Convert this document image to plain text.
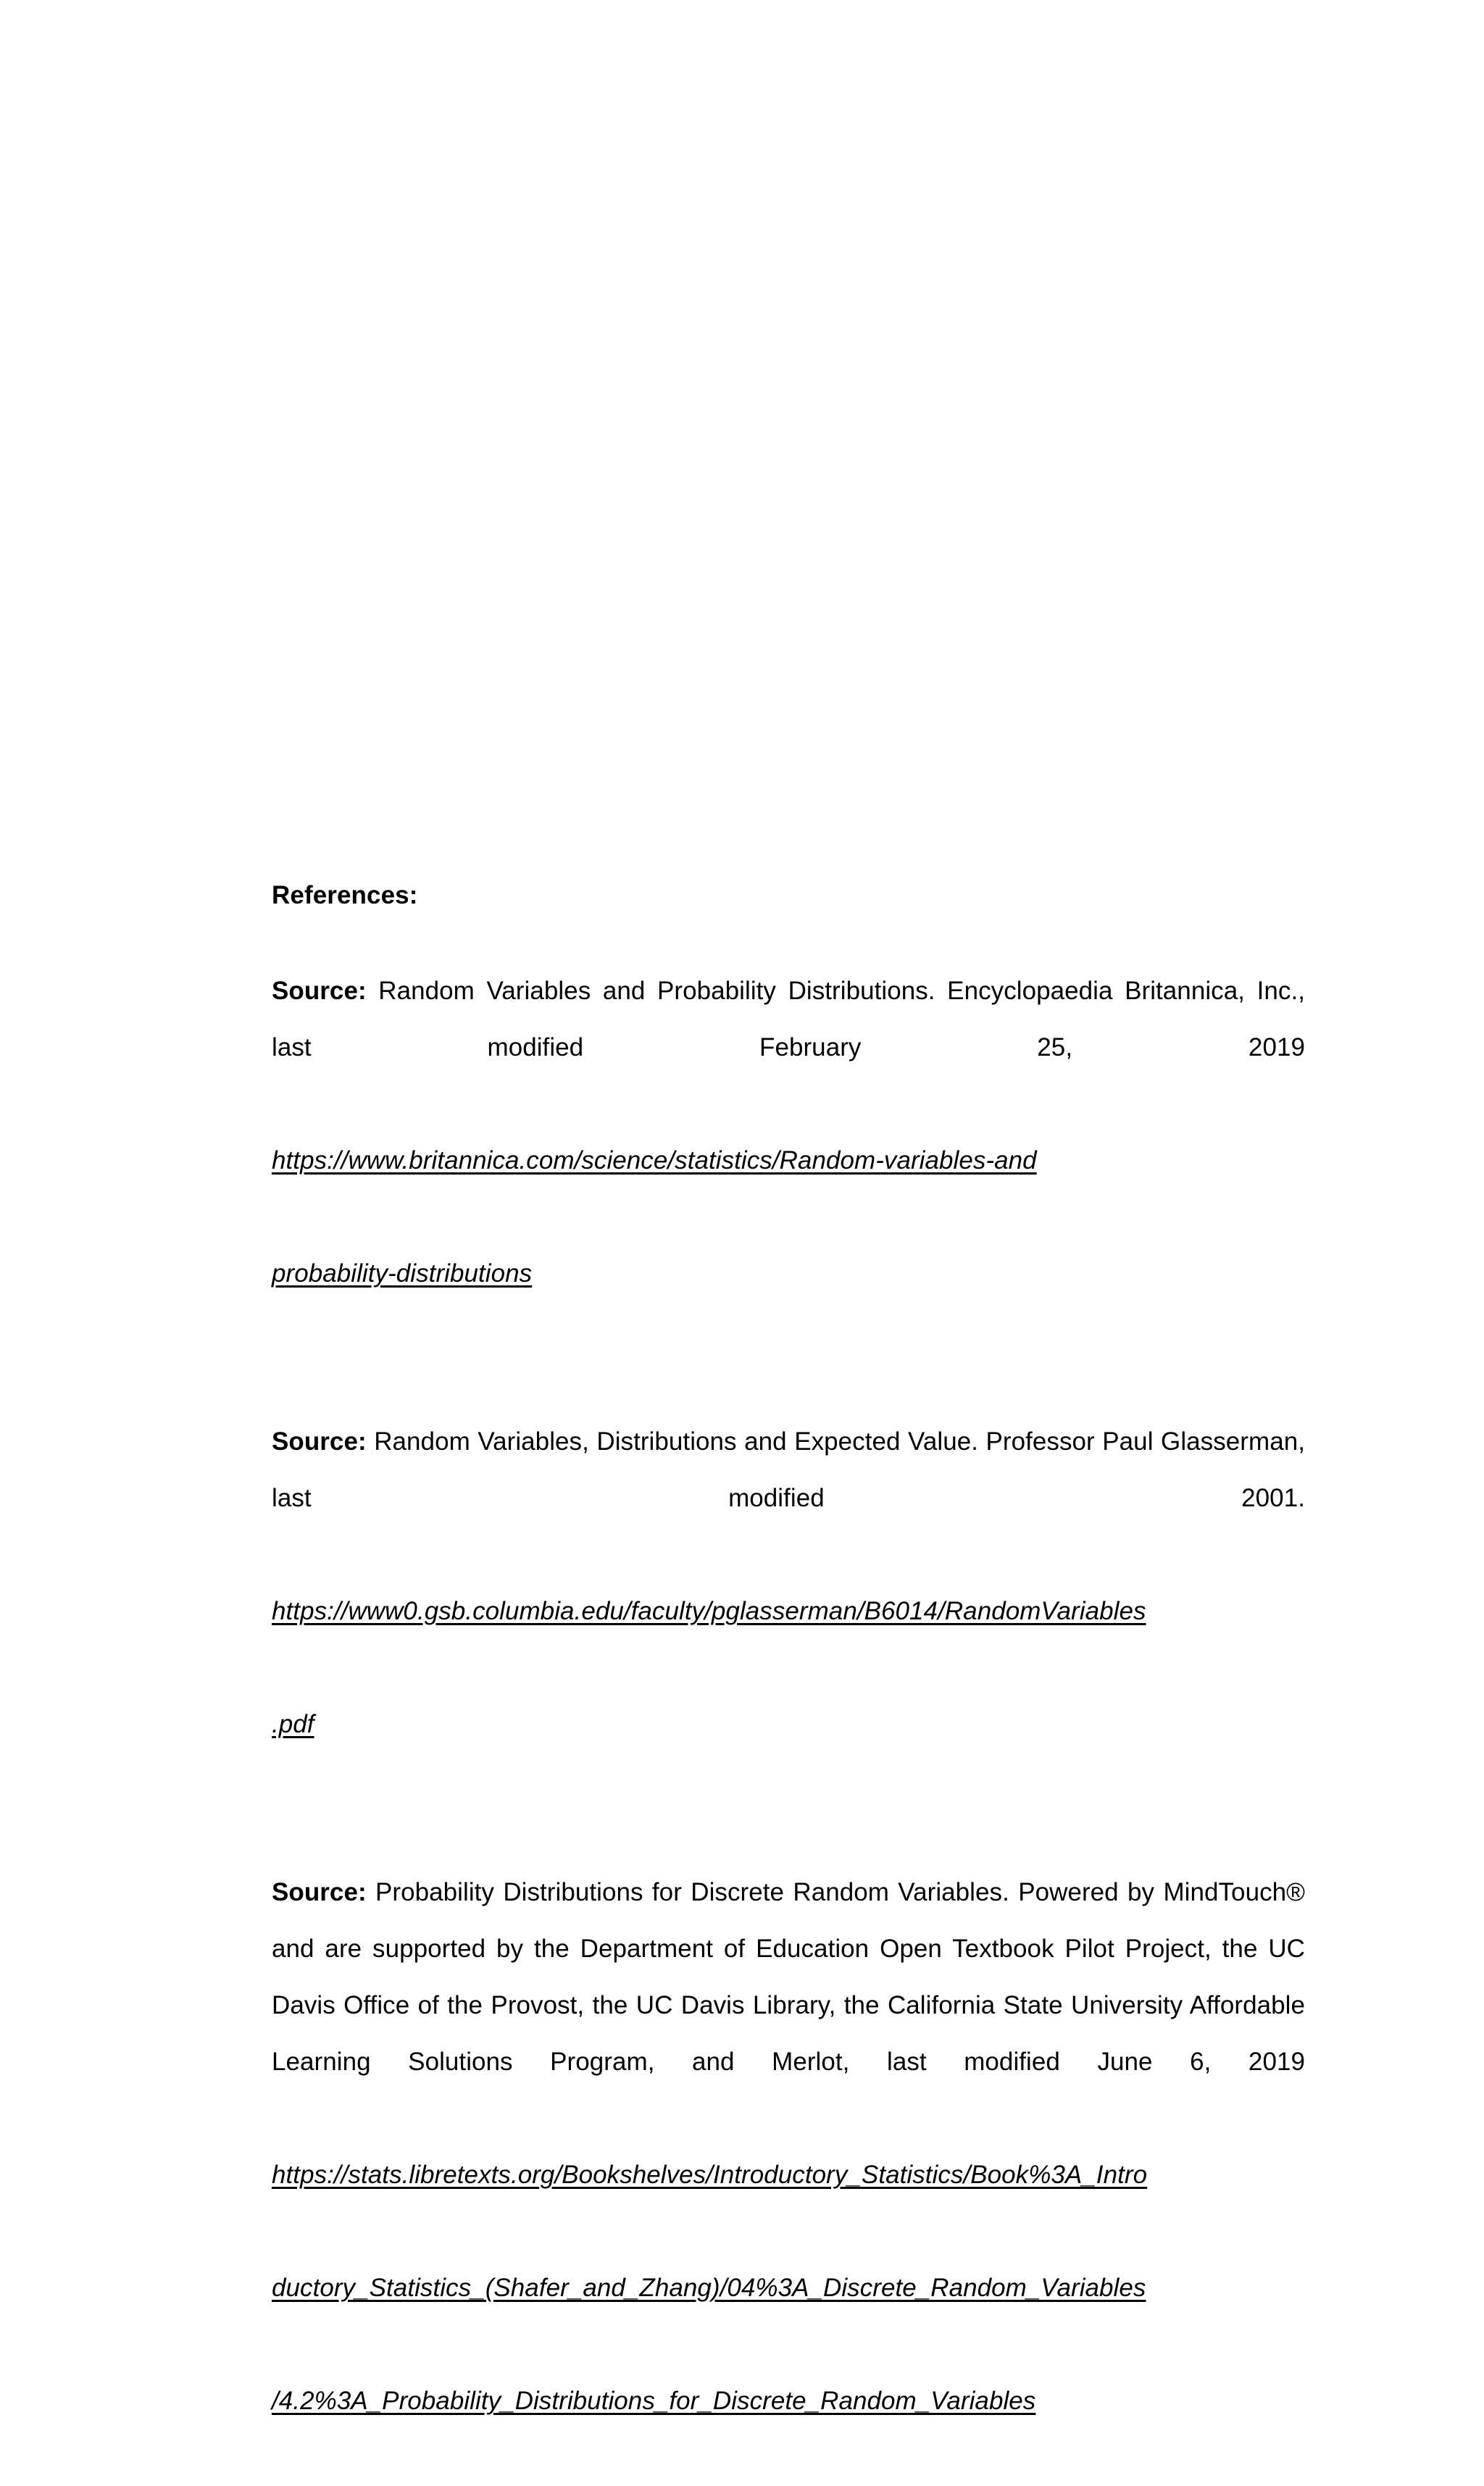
References:

Source: Random Variables and Probability Distributions. Encyclopaedia Britannica, Inc., last modified February 25, 2019

https://www.britannica.com/science/statistics/Random-variables-and

probability-distributions

Source: Random Variables, Distributions and Expected Value. Professor Paul Glasserman, last modified 2001.

https://www0.gsb.columbia.edu/faculty/pglasserman/B6014/RandomVariables

.pdf

Source: Probability Distributions for Discrete Random Variables. Powered by MindTouch® and are supported by the Department of Education Open Textbook Pilot Project, the UC Davis Office of the Provost, the UC Davis Library, the California State University Affordable Learning Solutions Program, and Merlot, last modified June 6, 2019

https://stats.libretexts.org/Bookshelves/Introductory_Statistics/Book%3A_Intro

ductory_Statistics_(Shafer_and_Zhang)/04%3A_Discrete_Random_Variables

/4.2%3A_Probability_Distributions_for_Discrete_Random_Variables
